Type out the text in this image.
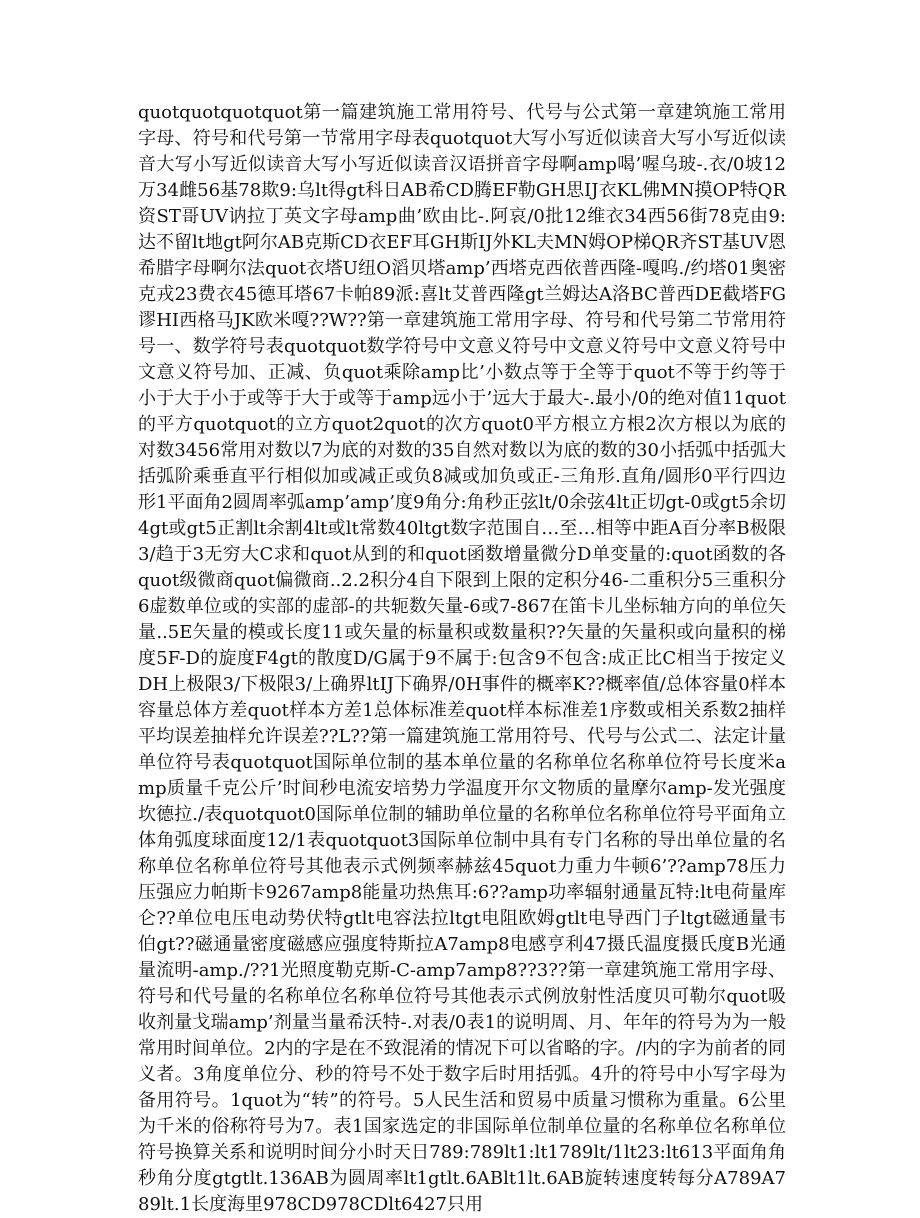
quotquotquotquot第一篇建筑施工常用符号、代号与公式第一章建筑施工常用字母、符号和代号第一节常用字母表quotquot大写小写近似读音大写小写近似读音大写小写近似读音大写小写近似读音汉语拼音字母啊amp喝’喔乌玻-.衣/0坡12万34雌56基78欺9:乌lt得gt科日AB希CD腾EF勒GH思IJ衣KL佛MN摸OP特QR资ST哥UV讷拉丁英文字母amp曲’欧由比-.阿哀/0批12维衣34西56街78克由9:达不留lt地gt阿尔AB克斯CD衣EF耳GH斯IJ外KL夫MN姆OP梯QR齐ST基UV恩希腊字母啊尔法quot衣塔U纽O滔贝塔amp’西塔克西依普西隆-嘎呜./约塔01奥密克戎23费衣45德耳塔67卡帕89派:喜lt艾普西隆gt兰姆达A洛BC普西DE截塔FG谬HI西格马JK欧米嘎??W??第一章建筑施工常用字母、符号和代号第二节常用符号一、数学符号表quotquot数学符号中文意义符号中文意义符号中文意义符号中文意义符号加、正减、负quot乘除amp比’小数点等于全等于quot不等于约等于小于大于小于或等于大于或等于amp远小于’远大于最大-.最小/0的绝对值11quot的平方quotquot的立方quot2quot的次方quot0平方根立方根2次方根以为底的对数3456常用对数以7为底的对数的35自然对数以为底的数的30小括弧中括弧大括弧阶乘垂直平行相似加或减正或负8减或加负或正-三角形.直角/圆形0平行四边形1平面角2圆周率弧amp’amp’度9角分:角秒正弦lt/0余弦4lt正切gt-0或gt5余切4gt或gt5正割lt余割4lt或lt常数40ltgt数字范围自…至…相等中距A百分率B极限3/趋于3无穷大C求和quot从到的和quot函数增量微分D单变量的:quot函数的各quot级微商quot偏微商..2.2积分4自下限到上限的定积分46-二重积分5三重积分6虚数单位或的实部的虚部-的共轭数矢量-6或7-867在笛卡儿坐标轴方向的单位矢量..5E矢量的模或长度11或矢量的标量积或数量积??矢量的矢量积或向量积的梯度5F-D的旋度F4gt的散度D/G属于9不属于:包含9不包含:成正比C相当于按定义DH上极限3/下极限3/上确界ltIJ下确界/0H事件的概率K??概率值/总体容量0样本容量总体方差quot样本方差1总体标准差quot样本标准差1序数或相关系数2抽样平均误差抽样允许误差??L??第一篇建筑施工常用符号、代号与公式二、法定计量单位符号表quotquot国际单位制的基本单位量的名称单位名称单位符号长度米amp质量千克公斤’时间秒电流安培势力学温度开尔文物质的量摩尔amp-发光强度坎德拉./表quotquot0国际单位制的辅助单位量的名称单位名称单位符号平面角立体角弧度球面度12/1表quotquot3国际单位制中具有专门名称的导出单位量的名称单位名称单位符号其他表示式例频率赫兹45quot力重力牛顿6’??amp78压力压强应力帕斯卡9267amp8能量功热焦耳:6??amp功率辐射通量瓦特:lt电荷量库仑??单位电压电动势伏特gtlt电容法拉ltgt电阻欧姆gtlt电导西门子ltgt磁通量韦伯gt??磁通量密度磁感应强度特斯拉A7amp8电感亨利47摄氏温度摄氏度B光通量流明-amp./??1光照度勒克斯-C-amp7amp8??3??第一章建筑施工常用字母、符号和代号量的名称单位名称单位符号其他表示式例放射性活度贝可勒尔quot吸收剂量戈瑞amp’剂量当量希沃特-.对表/0表1的说明周、月、年年的符号为为一般常用时间单位。2内的字是在不致混淆的情况下可以省略的字。/内的字为前者的同义者。3角度单位分、秒的符号不处于数字后时用括弧。4升的符号中小写字母为备用符号。1quot为“转”的符号。5人民生活和贸易中质量习惯称为重量。6公里为千米的俗称符号为7。表1国家选定的非国际单位制单位量的名称单位名称单位符号换算关系和说明时间分小时天日789:789lt1:lt1789lt/1lt23:lt613平面角角秒角分度gtgtlt.136AB为圆周率lt1gtlt.6ABlt1lt.6AB旋转速度转每分A789A789lt.1长度海里978CD978CDlt6427只用
